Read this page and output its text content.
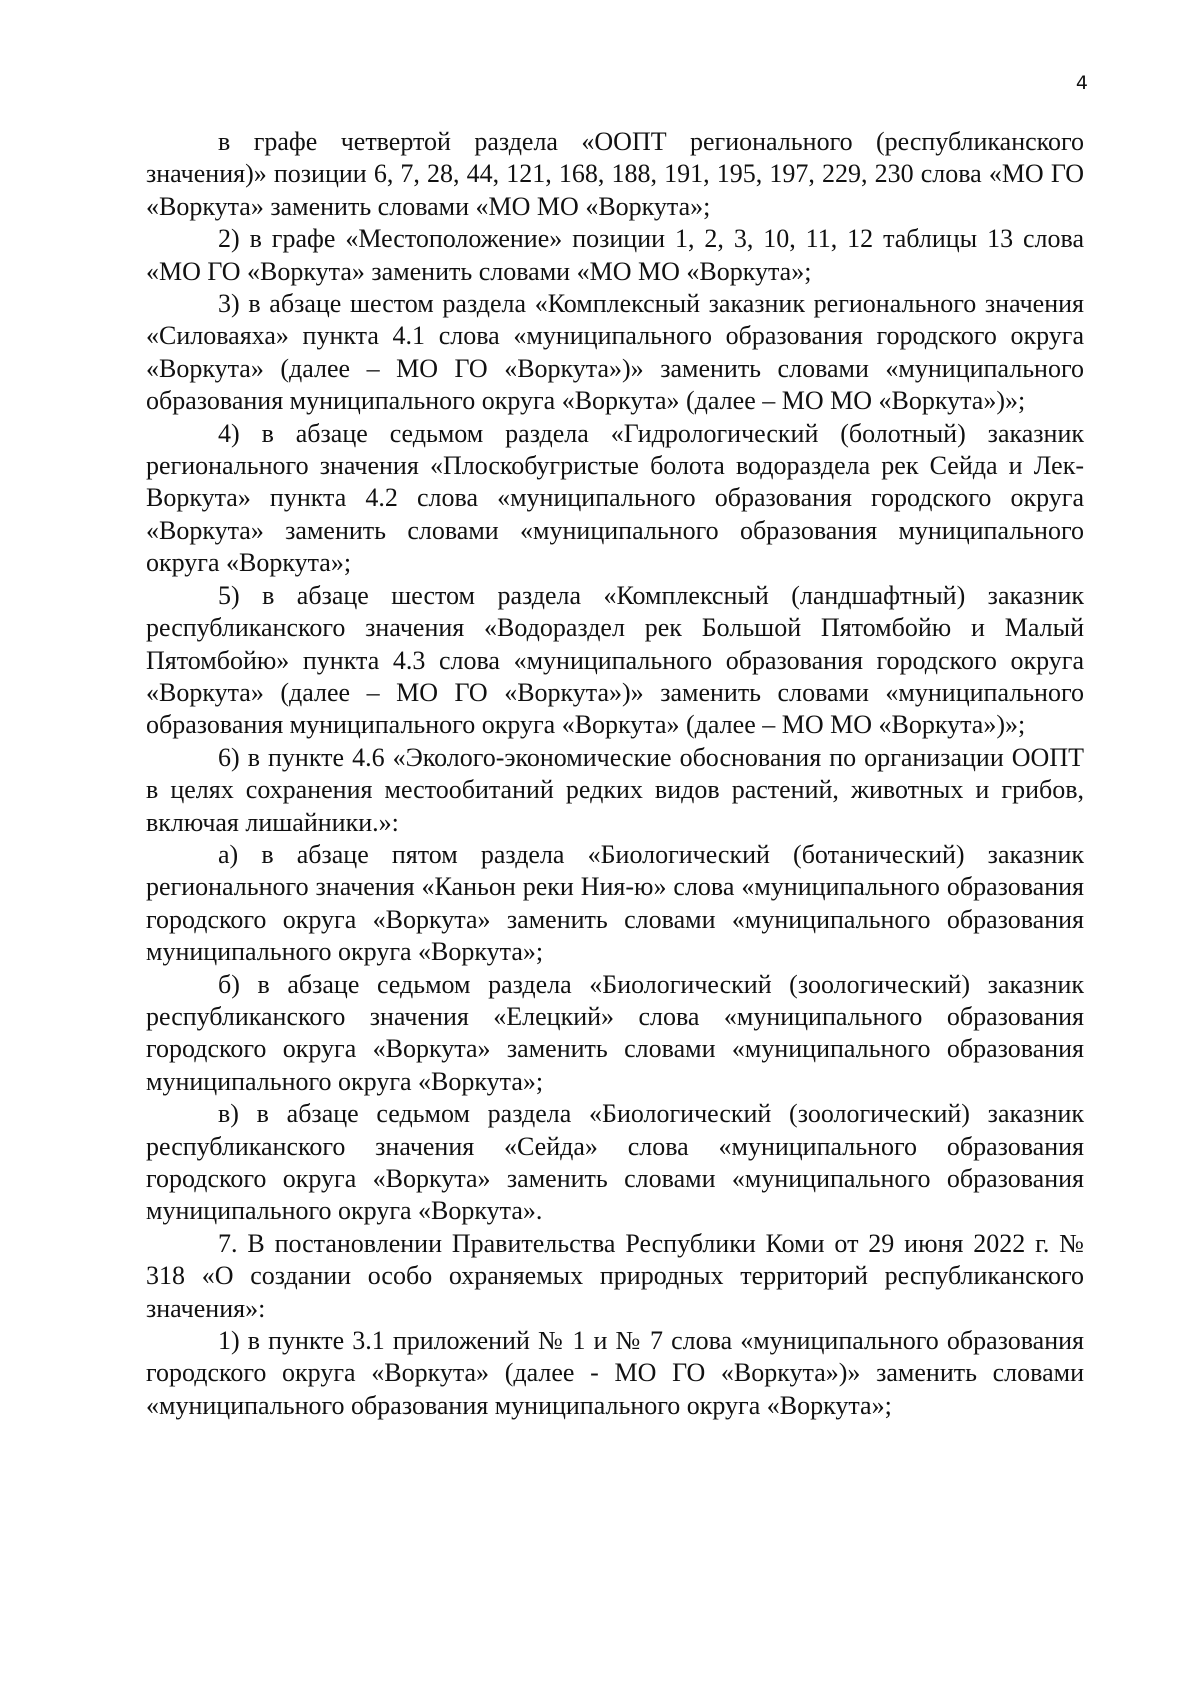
4

в графе четвертой раздела «ООПТ регионального (республиканского значения)» позиции 6, 7, 28, 44, 121, 168, 188, 191, 195, 197, 229, 230 слова «МО ГО «Воркута» заменить словами «МО МО «Воркута»;

2) в графе «Местоположение» позиции 1, 2, 3, 10, 11, 12 таблицы 13 слова «МО ГО «Воркута» заменить словами «МО МО «Воркута»;

3) в абзаце шестом раздела «Комплексный заказник регионального значения «Силоваяха» пункта 4.1 слова «муниципального образования городского округа «Воркута» (далее – МО ГО «Воркута»)» заменить словами «муниципального образования муниципального округа «Воркута» (далее – МО МО «Воркута»)»;

4) в абзаце седьмом раздела «Гидрологический (болотный) заказник регионального значения «Плоскобугристые болота водораздела рек Сейда и Лек-Воркута» пункта 4.2 слова «муниципального образования городского округа «Воркута» заменить словами «муниципального образования муниципального округа «Воркута»;

5) в абзаце шестом раздела «Комплексный (ландшафтный) заказник республиканского значения «Водораздел рек Большой Пятомбойю и Малый Пятомбойю» пункта 4.3 слова «муниципального образования городского округа «Воркута» (далее – МО ГО «Воркута»)» заменить словами «муниципального образования муниципального округа «Воркута» (далее – МО МО «Воркута»)»;

6) в пункте 4.6 «Эколого-экономические обоснования по организации ООПТ в целях сохранения местообитаний редких видов растений, животных и грибов, включая лишайники.»:

а) в абзаце пятом раздела «Биологический (ботанический) заказник регионального значения «Каньон реки Ния-ю» слова «муниципального образования городского округа «Воркута» заменить словами «муниципального образования муниципального округа «Воркута»;

б) в абзаце седьмом раздела «Биологический (зоологический) заказник республиканского значения «Елецкий» слова «муниципального образования городского округа «Воркута» заменить словами «муниципального образования муниципального округа «Воркута»;

в) в абзаце седьмом раздела «Биологический (зоологический) заказник республиканского значения «Сейда» слова «муниципального образования городского округа «Воркута» заменить словами «муниципального образования муниципального округа «Воркута».

7. В постановлении Правительства Республики Коми от 29 июня 2022 г. № 318 «О создании особо охраняемых природных территорий республиканского значения»:

1) в пункте 3.1 приложений № 1 и № 7 слова «муниципального образования городского округа «Воркута» (далее - МО ГО «Воркута»)» заменить словами «муниципального образования муниципального округа «Воркута»;
